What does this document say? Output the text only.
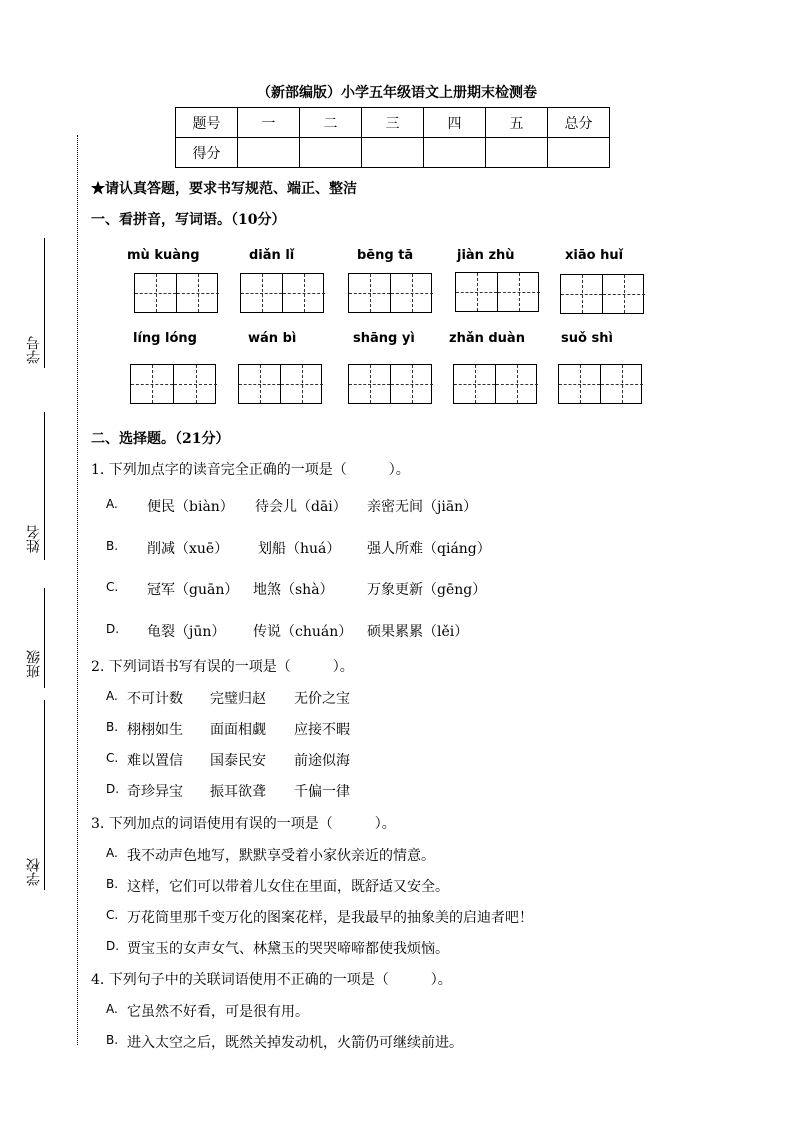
学号
姓名
班级
学校
（新部编版）小学五年级语文上册期末检测卷
题号	一	二	三	四	五	总分
得分						
★请认真答题，要求书写规范、端正、整洁
一、看拼音，写词语。（10分）
mù kuàng	diǎn lǐ	bēng tā	jiàn zhù	xiāo huǐ
líng lóng	wán bì	shāng yì	zhǎn duàn	suǒ shì
二、选择题。（21分）
1. 下列加点字的读音完全正确的一项是（　　　）。
A. 便民（biàn） 待会儿（dāi） 亲密无间（jiān）
B. 削减（xuē） 划船（huá） 强人所难（qiáng）
C. 冠军（guān） 地煞（shà） 万象更新（gēng）
D. 龟裂（jūn） 传说（chuán） 硕果累累（lěi）
2. 下列词语书写有误的一项是（　　　）。
A. 不可计数 完璧归赵 无价之宝
B. 栩栩如生 面面相觑 应接不暇
C. 难以置信 国泰民安 前途似海
D. 奇珍异宝 振耳欲聋 千偏一律
3. 下列加点的词语使用有误的一项是（　　　）。
A. 我不动声色地写，默默享受着小家伙亲近的情意。
B. 这样，它们可以带着儿女住在里面，既舒适又安全。
C. 万花筒里那千变万化的图案花样，是我最早的抽象美的启迪者吧！
D. 贾宝玉的女声女气、林黛玉的哭哭啼啼都使我烦恼。
4. 下列句子中的关联词语使用不正确的一项是（　　　）。
A. 它虽然不好看，可是很有用。
B. 进入太空之后，既然关掉发动机，火箭仍可继续前进。
